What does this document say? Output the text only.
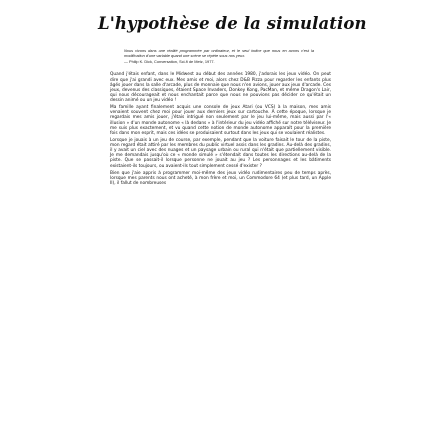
L'hypothèse de la simulation
Nous vivons dans une réalité programmée par ordinateur, et le seul indice que nous en avons c'est la modification d'une variable quand une scène se répète sous nos yeux.
— Philip K. Dick, Conversation, Sci-fi de Metz, 1977.

Quand j'étais enfant, dans le Midwest au début des années 1980, j'adorais les jeux vidéo. On peut dire que j'ai grandi avec eux. Mes amis et moi, alors chez D&B Pizza pour regarder les enfants plus âgés jouer dans la salle d'arcade, plus de monnaie que nous n'en avions, jouer aux jeux d'arcade. Ces jeux, devenus des classiques, étaient Space Invaders, Donkey Kong, PacMan, et même Dragon's Lair, qui nous décourageait et nous enchantait parce que nous ne pouvions pas décider ce qu'était un dessin animé ou un jeu vidéo !

Ma famille ayant finalement acquis une console de jeux Atari (ou VCS) à la maison, mes amis venaient souvent chez moi pour jouer aux derniers jeux sur cartouche. À cette époque, lorsque je regardais mes amis jouer, j'étais intrigué non seulement par le jeu lui-même, mais aussi par l'« illusion » d'un monde autonome « là dedans » à l'intérieur du jeu vidéo affiché sur notre téléviseur. Je me suis plus exactement, et vu quand cette notion de monde autonome apparaît pour la première fois dans mon esprit, mais ces idées se produisaient surtout dans les jeux qui se voulaient réalistes.

Lorsque je jouais à un jeu de course, par exemple, pendant que la voiture faisait le tour de la piste, mon regard était attiré par les membres du public virtuel assis dans les gradins. Au-delà des gradins, il y avait un ciel avec des nuages et un paysage urbain ou rural qui n'était que partiellement visible. Je me demandais jusqu'où ce « monde simulé » s'étendait dans toutes les directions au-delà de la piste. Que se passait-il lorsque personne ne jouait au jeu ? Les personnages et les bâtiments existaient-ils toujours, ou avaient-ils tout simplement cessé d'exister ?

Bien que j'aie appris à programmer moi-même des jeux vidéo rudimentaires peu de temps après, lorsque mes parents nous ont acheté, à mon frère et moi, un Commodore 64 (et plus tard, un Apple II), il fallut de nombreuses
